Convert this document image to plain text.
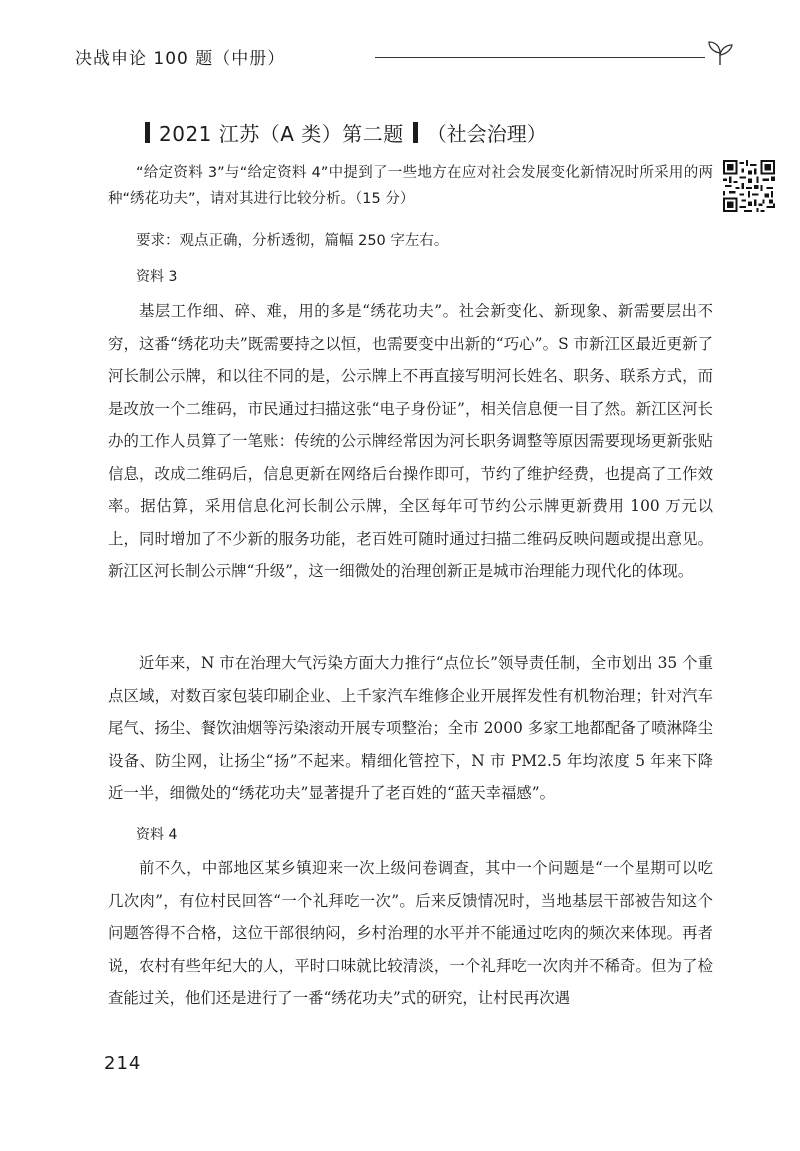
决战申论 100 题（中册）
2021 江苏（A 类）第二题 （社会治理）

“给定资料 3”与“给定资料 4”中提到了一些地方在应对社会发展变化新情况时所采用的两种“绣花功夫”，请对其进行比较分析。（15 分）

要求：观点正确，分析透彻，篇幅 250 字左右。

资料 3

基层工作细、碎、难，用的多是“绣花功夫”。社会新变化、新现象、新需要层出不穷，这番“绣花功夫”既需要持之以恒，也需要变中出新的“巧心”。S 市新江区最近更新了河长制公示牌，和以往不同的是，公示牌上不再直接写明河长姓名、职务、联系方式，而是改放一个二维码，市民通过扫描这张“电子身份证”，相关信息便一目了然。新江区河长办的工作人员算了一笔账：传统的公示牌经常因为河长职务调整等原因需要现场更新张贴信息，改成二维码后，信息更新在网络后台操作即可，节约了维护经费，也提高了工作效率。据估算，采用信息化河长制公示牌，全区每年可节约公示牌更新费用 100 万元以上，同时增加了不少新的服务功能，老百姓可随时通过扫描二维码反映问题或提出意见。新江区河长制公示牌“升级”，这一细微处的治理创新正是城市治理能力现代化的体现。

近年来，N 市在治理大气污染方面大力推行“点位长”领导责任制，全市划出 35 个重点区域，对数百家包装印刷企业、上千家汽车维修企业开展挥发性有机物治理；针对汽车尾气、扬尘、餐饮油烟等污染滚动开展专项整治；全市 2000 多家工地都配备了喷淋降尘设备、防尘网，让扬尘“扬”不起来。精细化管控下，N 市 PM2.5 年均浓度 5 年来下降近一半，细微处的“绣花功夫”显著提升了老百姓的“蓝天幸福感”。

资料 4

前不久，中部地区某乡镇迎来一次上级问卷调查，其中一个问题是“一个星期可以吃几次肉”，有位村民回答“一个礼拜吃一次”。后来反馈情况时，当地基层干部被告知这个问题答得不合格，这位干部很纳闷，乡村治理的水平并不能通过吃肉的频次来体现。再者说，农村有些年纪大的人，平时口味就比较清淡，一个礼拜吃一次肉并不稀奇。但为了检查能过关，他们还是进行了一番“绣花功夫”式的研究，让村民再次遇

214
